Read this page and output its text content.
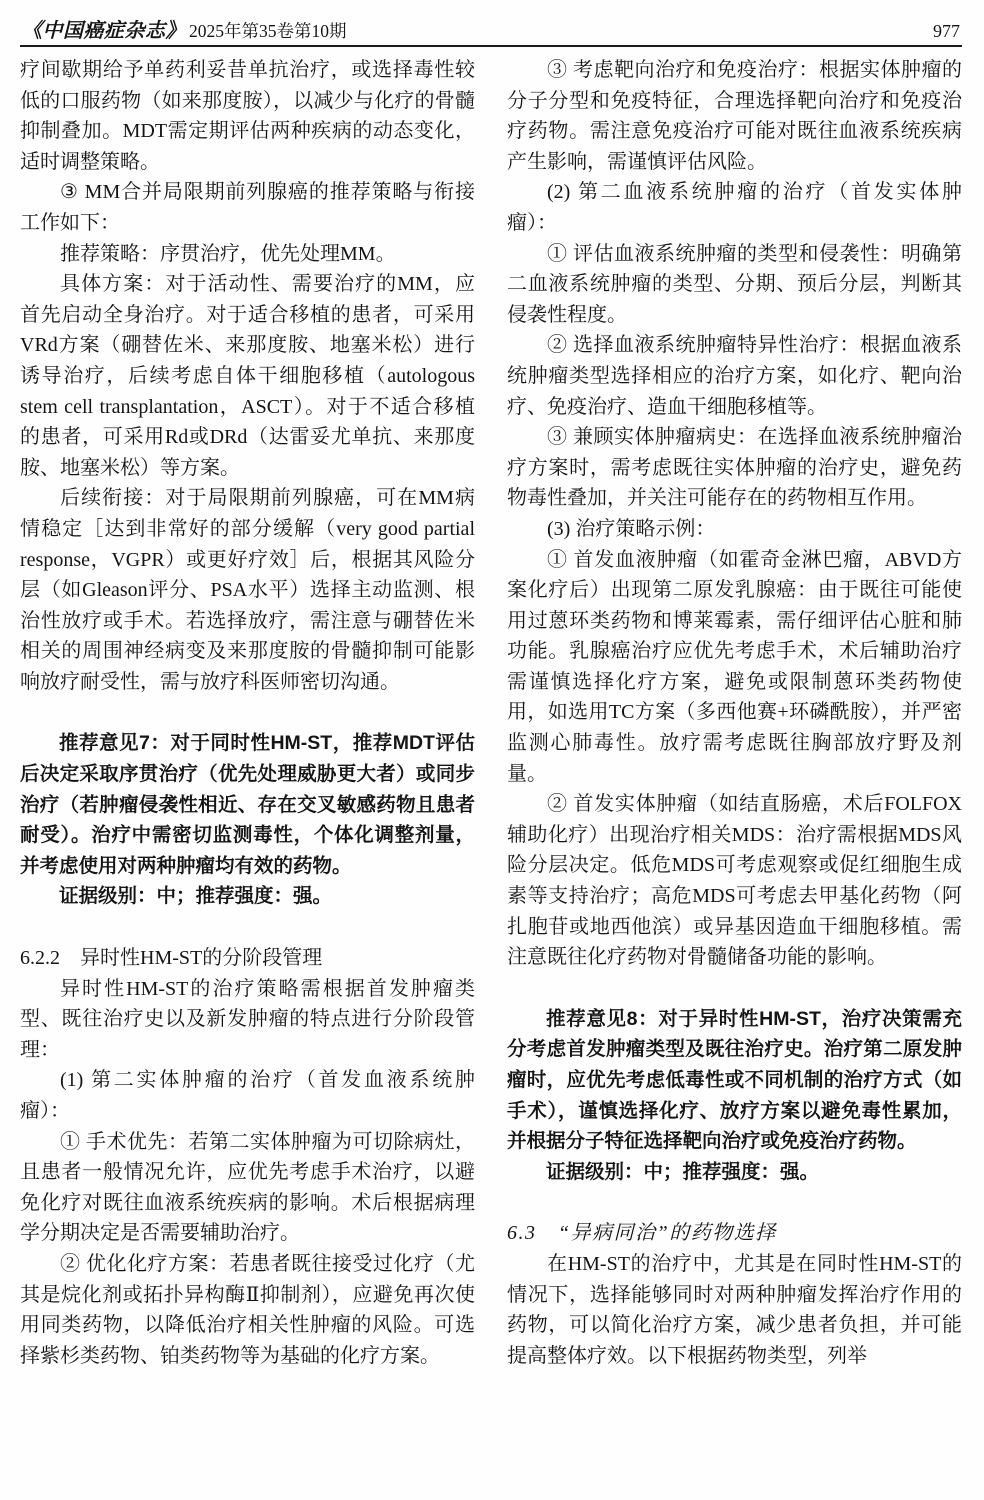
《中国癌症杂志》 2025年第35卷第10期	977

疗间歇期给予单药利妥昔单抗治疗，或选择毒性较低的口服药物（如来那度胺），以减少与化疗的骨髓抑制叠加。MDT需定期评估两种疾病的动态变化，适时调整策略。

③ MM合并局限期前列腺癌的推荐策略与衔接工作如下：

推荐策略：序贯治疗，优先处理MM。

具体方案：对于活动性、需要治疗的MM，应首先启动全身治疗。对于适合移植的患者，可采用VRd方案（硼替佐米、来那度胺、地塞米松）进行诱导治疗，后续考虑自体干细胞移植（autologous stem cell transplantation，ASCT）。对于不适合移植的患者，可采用Rd或DRd（达雷妥尤单抗、来那度胺、地塞米松）等方案。

后续衔接：对于局限期前列腺癌，可在MM病情稳定［达到非常好的部分缓解（very good partial response，VGPR）或更好疗效］后，根据其风险分层（如Gleason评分、PSA水平）选择主动监测、根治性放疗或手术。若选择放疗，需注意与硼替佐米相关的周围神经病变及来那度胺的骨髓抑制可能影响放疗耐受性，需与放疗科医师密切沟通。

推荐意见7：对于同时性HM-ST，推荐MDT评估后决定采取序贯治疗（优先处理威胁更大者）或同步治疗（若肿瘤侵袭性相近、存在交叉敏感药物且患者耐受）。治疗中需密切监测毒性，个体化调整剂量，并考虑使用对两种肿瘤均有效的药物。

证据级别：中；推荐强度：强。

6.2.2　异时性HM-ST的分阶段管理

异时性HM-ST的治疗策略需根据首发肿瘤类型、既往治疗史以及新发肿瘤的特点进行分阶段管理：

(1) 第二实体肿瘤的治疗（首发血液系统肿瘤）：

① 手术优先：若第二实体肿瘤为可切除病灶，且患者一般情况允许，应优先考虑手术治疗，以避免化疗对既往血液系统疾病的影响。术后根据病理学分期决定是否需要辅助治疗。

② 优化化疗方案：若患者既往接受过化疗（尤其是烷化剂或拓扑异构酶Ⅱ抑制剂），应避免再次使用同类药物，以降低治疗相关性肿瘤的风险。可选择紫杉类药物、铂类药物等为基础的化疗方案。

③ 考虑靶向治疗和免疫治疗：根据实体肿瘤的分子分型和免疫特征，合理选择靶向治疗和免疫治疗药物。需注意免疫治疗可能对既往血液系统疾病产生影响，需谨慎评估风险。

(2) 第二血液系统肿瘤的治疗（首发实体肿瘤）：

① 评估血液系统肿瘤的类型和侵袭性：明确第二血液系统肿瘤的类型、分期、预后分层，判断其侵袭性程度。

② 选择血液系统肿瘤特异性治疗：根据血液系统肿瘤类型选择相应的治疗方案，如化疗、靶向治疗、免疫治疗、造血干细胞移植等。

③ 兼顾实体肿瘤病史：在选择血液系统肿瘤治疗方案时，需考虑既往实体肿瘤的治疗史，避免药物毒性叠加，并关注可能存在的药物相互作用。

(3) 治疗策略示例：

① 首发血液肿瘤（如霍奇金淋巴瘤，ABVD方案化疗后）出现第二原发乳腺癌：由于既往可能使用过蒽环类药物和博莱霉素，需仔细评估心脏和肺功能。乳腺癌治疗应优先考虑手术，术后辅助治疗需谨慎选择化疗方案，避免或限制蒽环类药物使用，如选用TC方案（多西他赛+环磷酰胺），并严密监测心肺毒性。放疗需考虑既往胸部放疗野及剂量。

② 首发实体肿瘤（如结直肠癌，术后FOLFOX辅助化疗）出现治疗相关MDS：治疗需根据MDS风险分层决定。低危MDS可考虑观察或促红细胞生成素等支持治疗；高危MDS可考虑去甲基化药物（阿扎胞苷或地西他滨）或异基因造血干细胞移植。需注意既往化疗药物对骨髓储备功能的影响。

推荐意见8：对于异时性HM-ST，治疗决策需充分考虑首发肿瘤类型及既往治疗史。治疗第二原发肿瘤时，应优先考虑低毒性或不同机制的治疗方式（如手术），谨慎选择化疗、放疗方案以避免毒性累加，并根据分子特征选择靶向治疗或免疫治疗药物。

证据级别：中；推荐强度：强。

6.3　“异病同治”的药物选择

在HM-ST的治疗中，尤其是在同时性HM-ST的情况下，选择能够同时对两种肿瘤发挥治疗作用的药物，可以简化治疗方案，减少患者负担，并可能提高整体疗效。以下根据药物类型，列举
